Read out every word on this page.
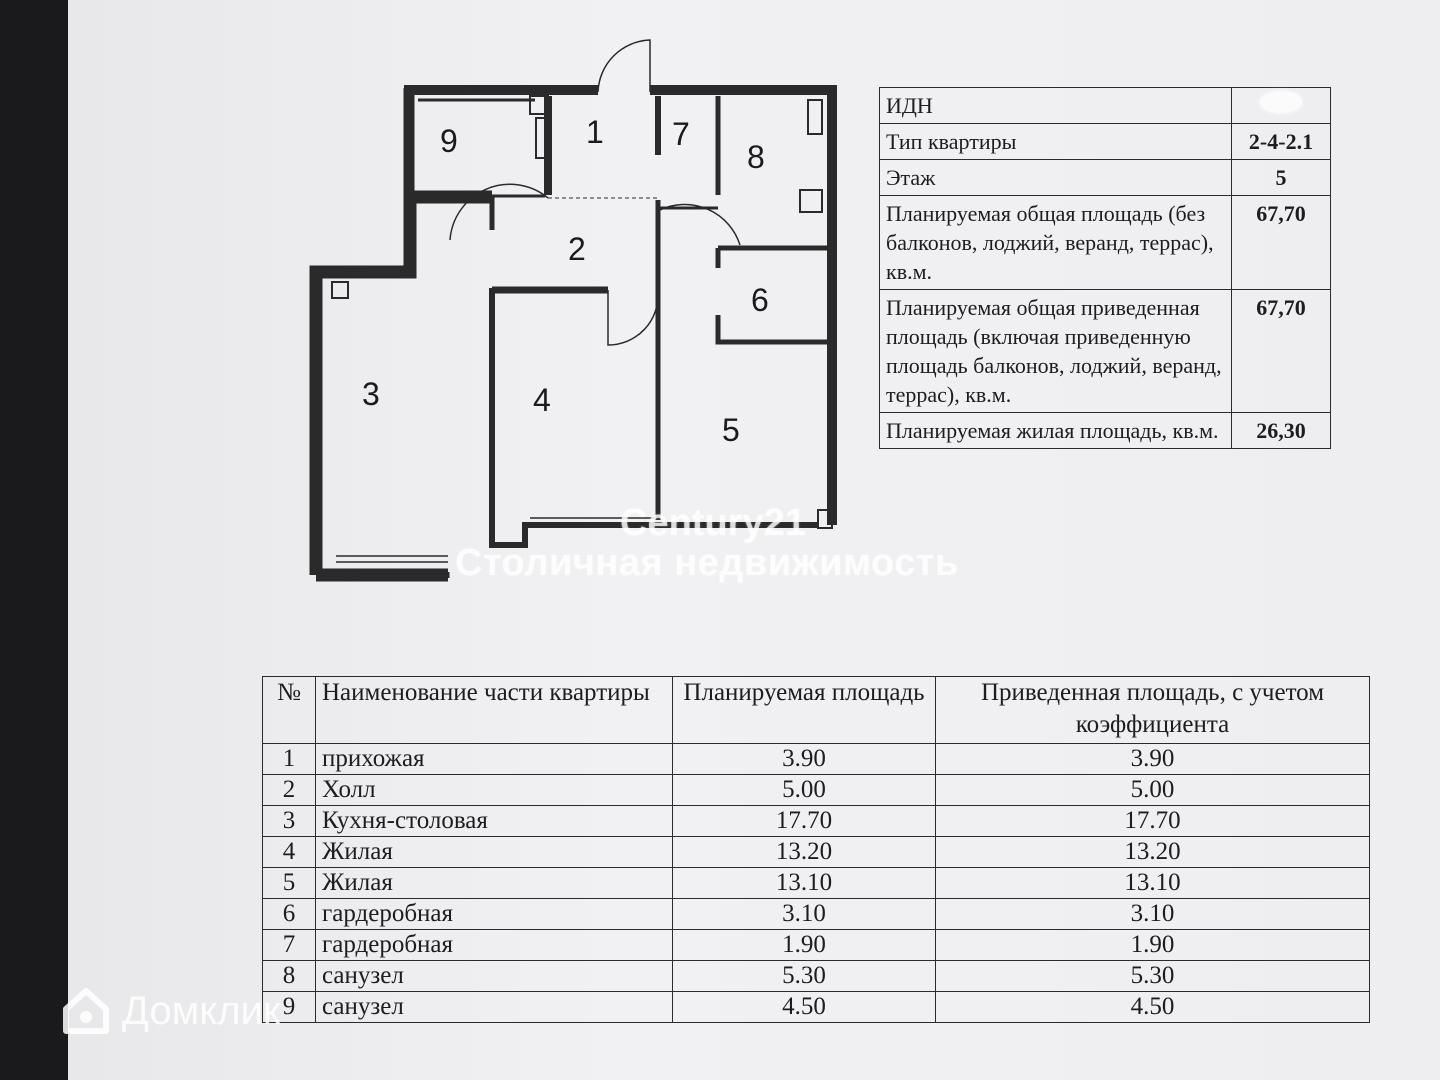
1
2
3	4
5
6
7
8
9
ИДН	
Тип квартиры	2-4-2.1
Этаж	5
Планируемая общая площадь (без балконов, лоджий, веранд, террас), кв.м.	67,70
Планируемая общая приведенная площадь (включая приведенную площадь балконов, лоджий, веранд, террас), кв.м.	67,70
Планируемая жилая площадь, кв.м.	26,30
№	Наименование части квартиры	Планируемая площадь	Приведенная площадь, с учетом коэффициента
1	прихожая	3.90	3.90
2	Холл	5.00	5.00
3	Кухня-столовая	17.70	17.70
4	Жилая	13.20	13.20
5	Жилая	13.10	13.10
6	гардеробная	3.10	3.10
7	гардеробная	1.90	1.90
8	санузел	5.30	5.30
9	санузел	4.50	4.50
Century21
Столичная недвижимость
Домклик
